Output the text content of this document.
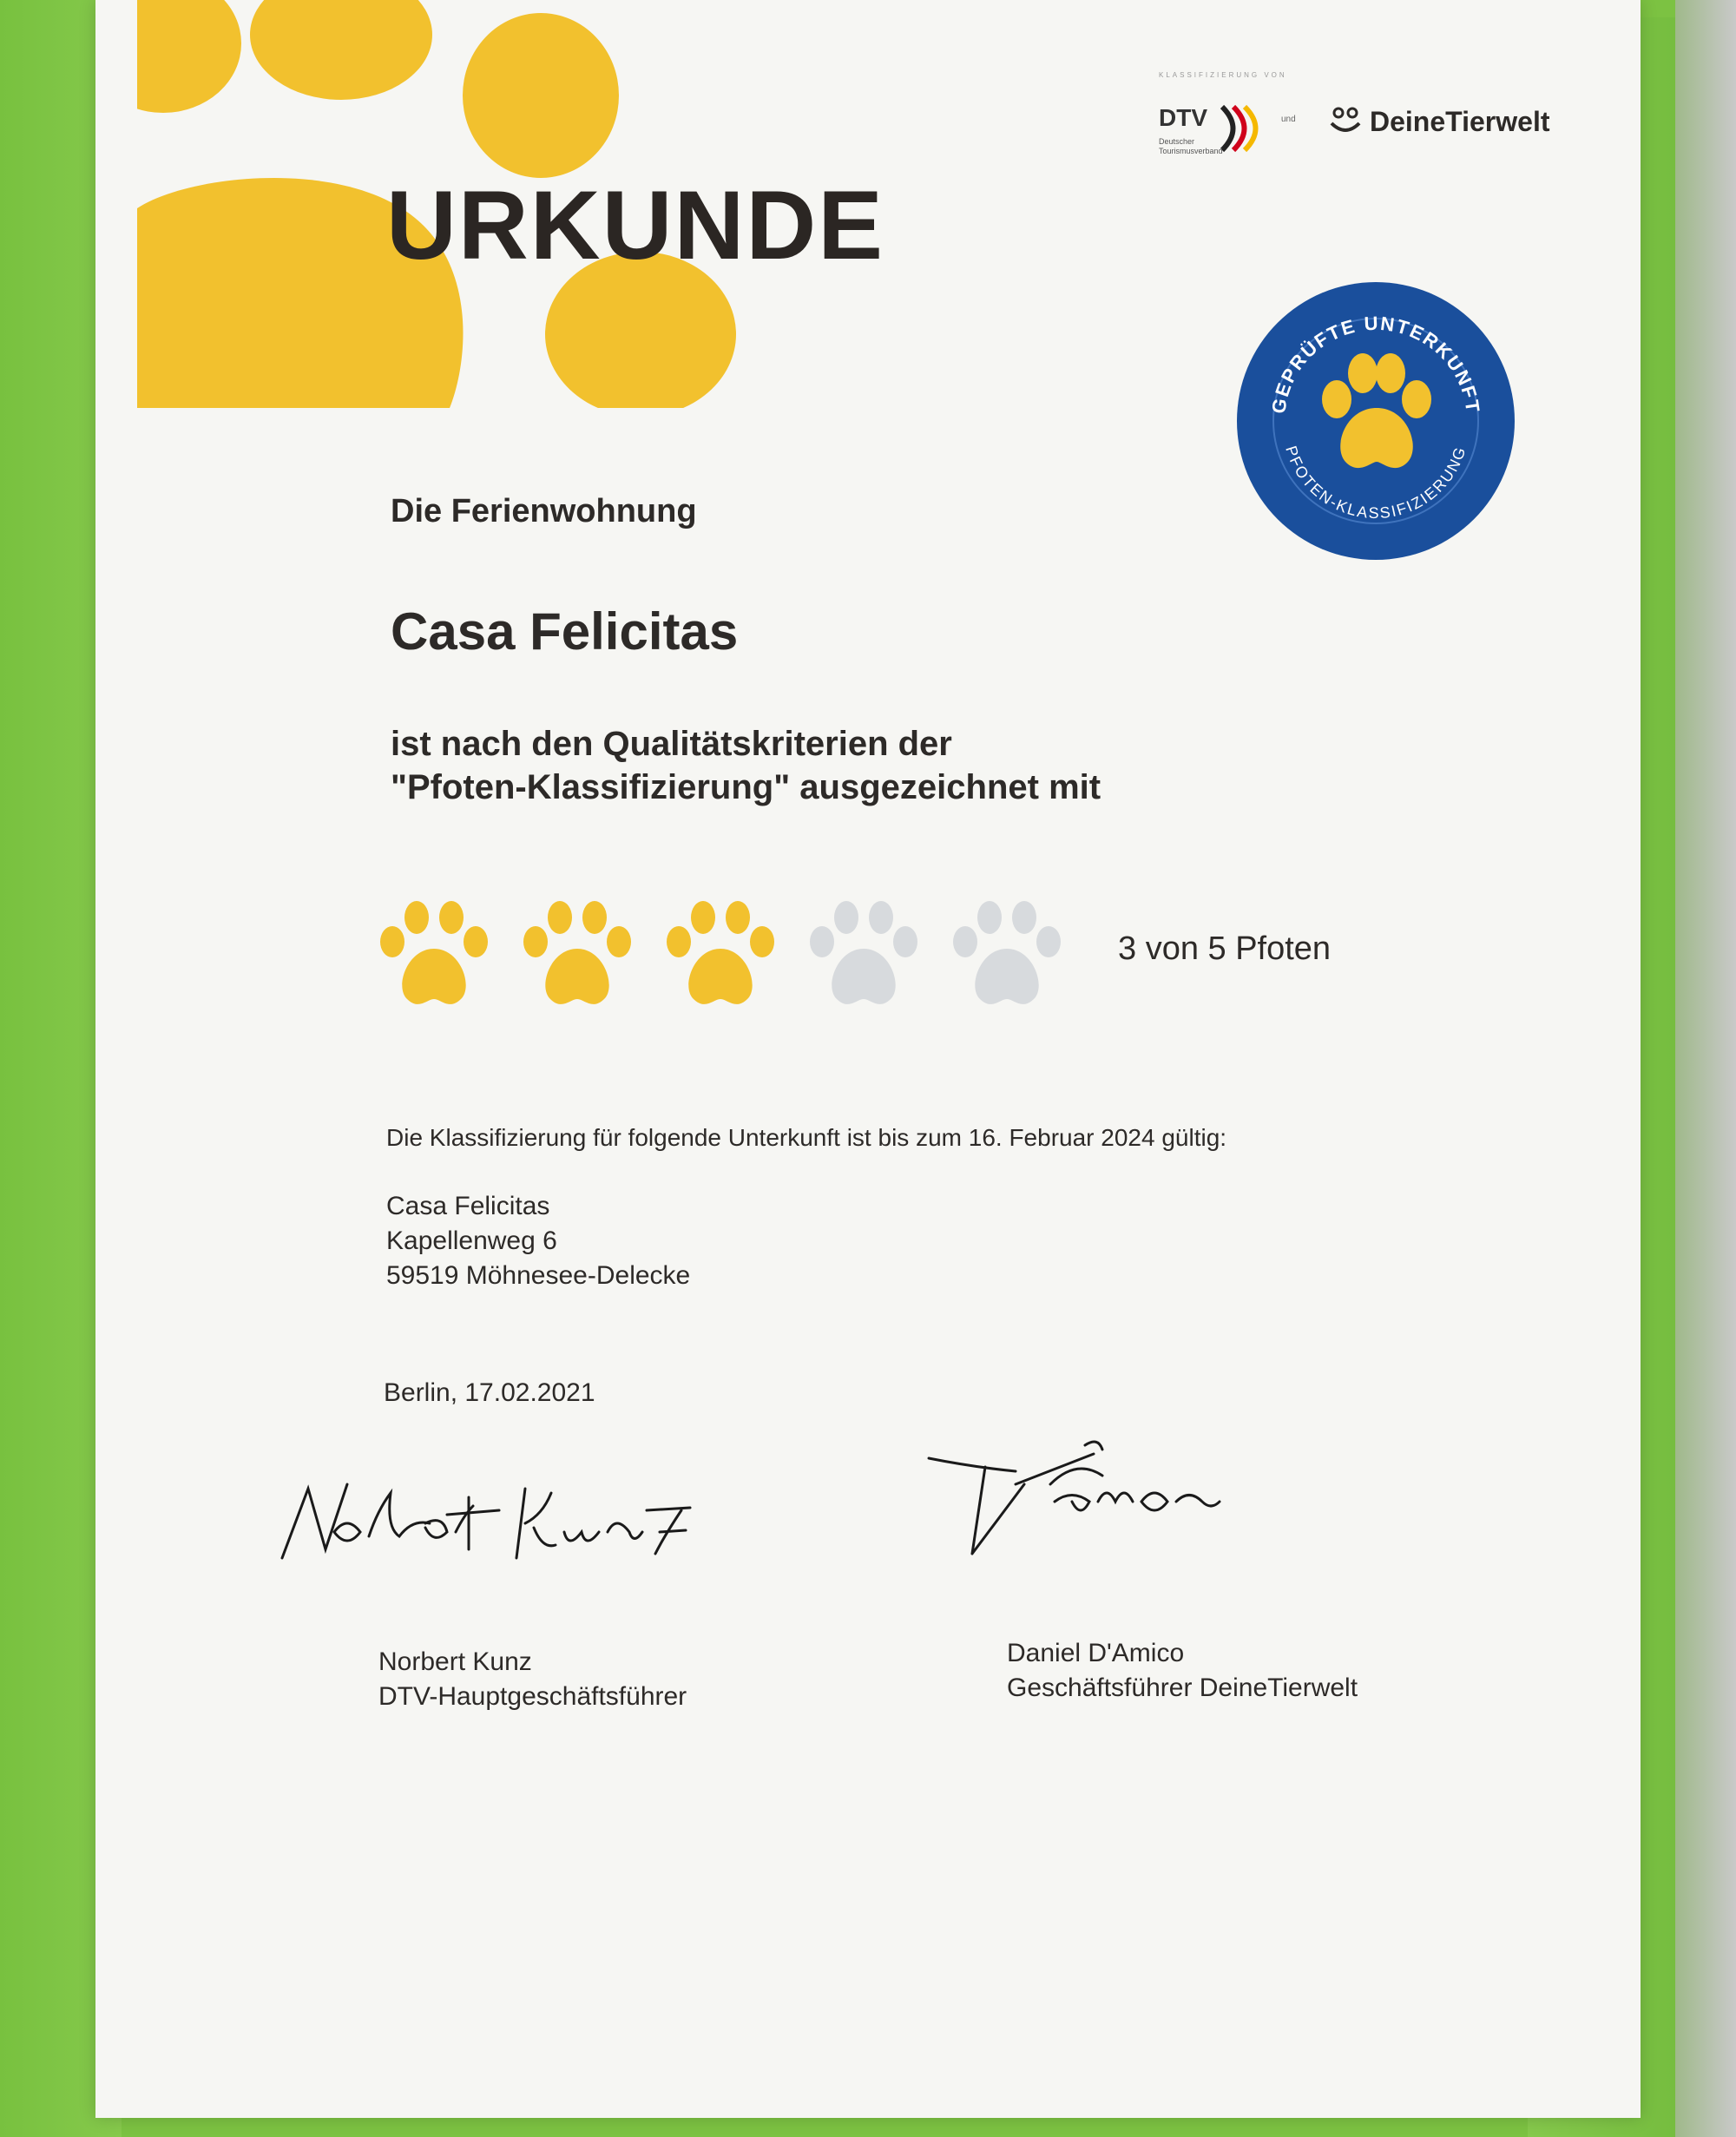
KLASSIFIZIERUNG VON
DTV
Deutscher Tourismusverband
und	DeineTierwelt
URKUNDE
GEPRÜFTE UNTERKUNFT
PFOTEN-KLASSIFIZIERUNG
Die Ferienwohnung
Casa Felicitas
ist nach den Qualitätskriterien der
"Pfoten-Klassifizierung" ausgezeichnet mit
3 von 5 Pfoten
Die Klassifizierung für folgende Unterkunft ist bis zum 16. Februar 2024 gültig:
Casa Felicitas
Kapellenweg 6
59519 Möhnesee-Delecke
Berlin, 17.02.2021
Norbert Kunz
DTV-Hauptgeschäftsführer
Daniel D'Amico
Geschäftsführer DeineTierwelt
